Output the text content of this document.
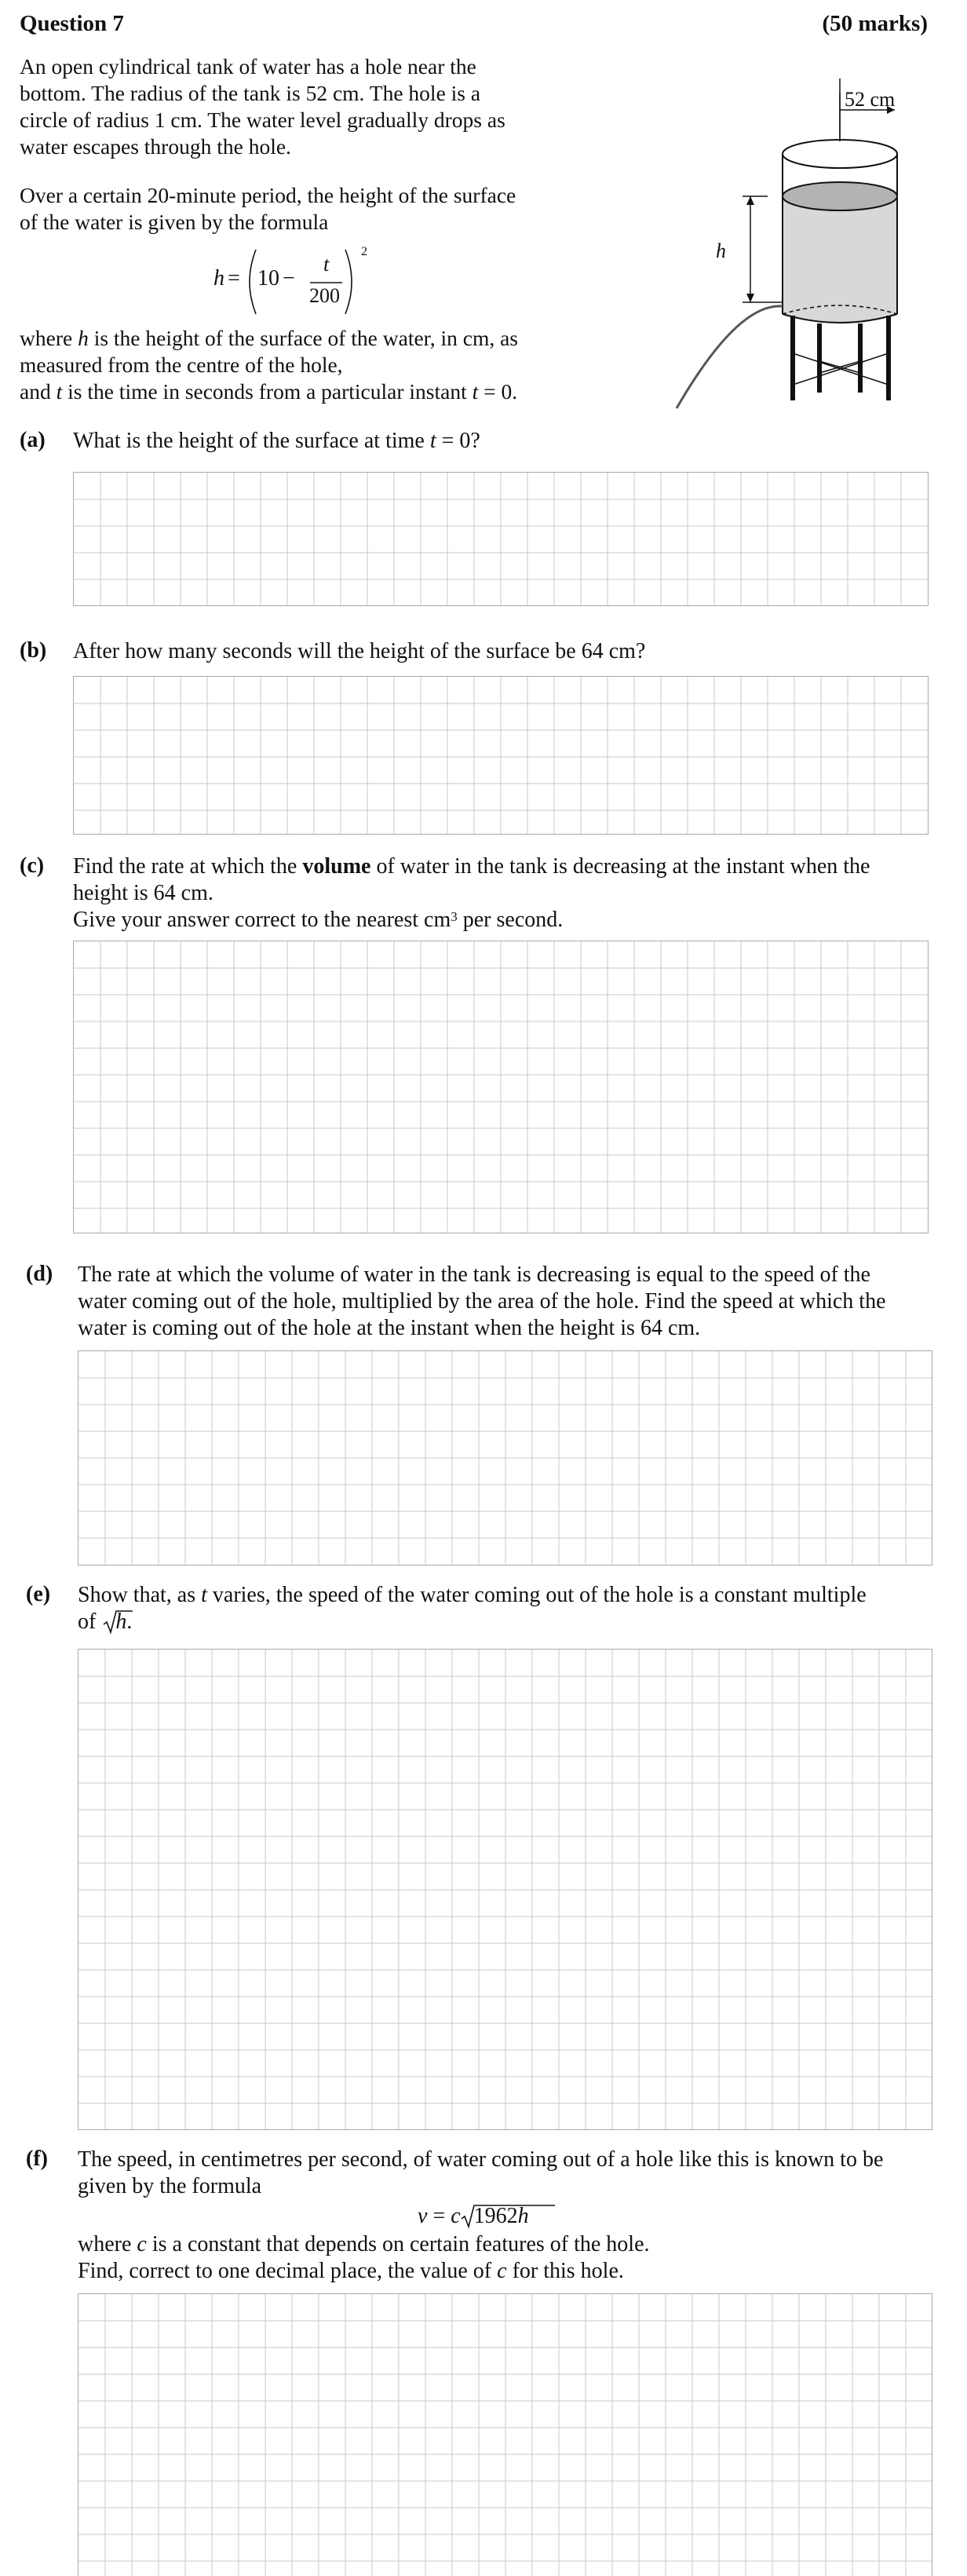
Question 7	(50 marks)
An open cylindrical tank of water has a hole near the
bottom. The radius of the tank is 52 cm. The hole is a
circle of radius 1 cm. The water level gradually drops as
water escapes through the hole.
Over a certain 20-minute period, the height of the surface
of the water is given by the formula
h = 10 −
t
200
2
where h is the height of the surface of the water, in cm, as
measured from the centre of the hole,
and t is the time in seconds from a particular instant t = 0.
52 cm
h
(a) What is the height of the surface at time t = 0?
(b) After how many seconds will the height of the surface be 64 cm?
(c) Find the rate at which the volume of water in the tank is decreasing at the instant when the
height is 64 cm.
Give your answer correct to the nearest $cm^3$ per second.
(d) The rate at which the volume of water in the tank is decreasing is equal to the speed of the
water coming out of the hole, multiplied by the area of the hole. Find the speed at which the
water is coming out of the hole at the instant when the height is 64 cm.
(e) Show that, as t varies, the speed of the water coming out of the hole is a constant multiple
of
h.
(f) The speed, in centimetres per second, of water coming out of a hole like this is known to be
given by the formula
v = c 1962h
where c is a constant that depends on certain features of the hole.
Find, correct to one decimal place, the value of c for this hole.
